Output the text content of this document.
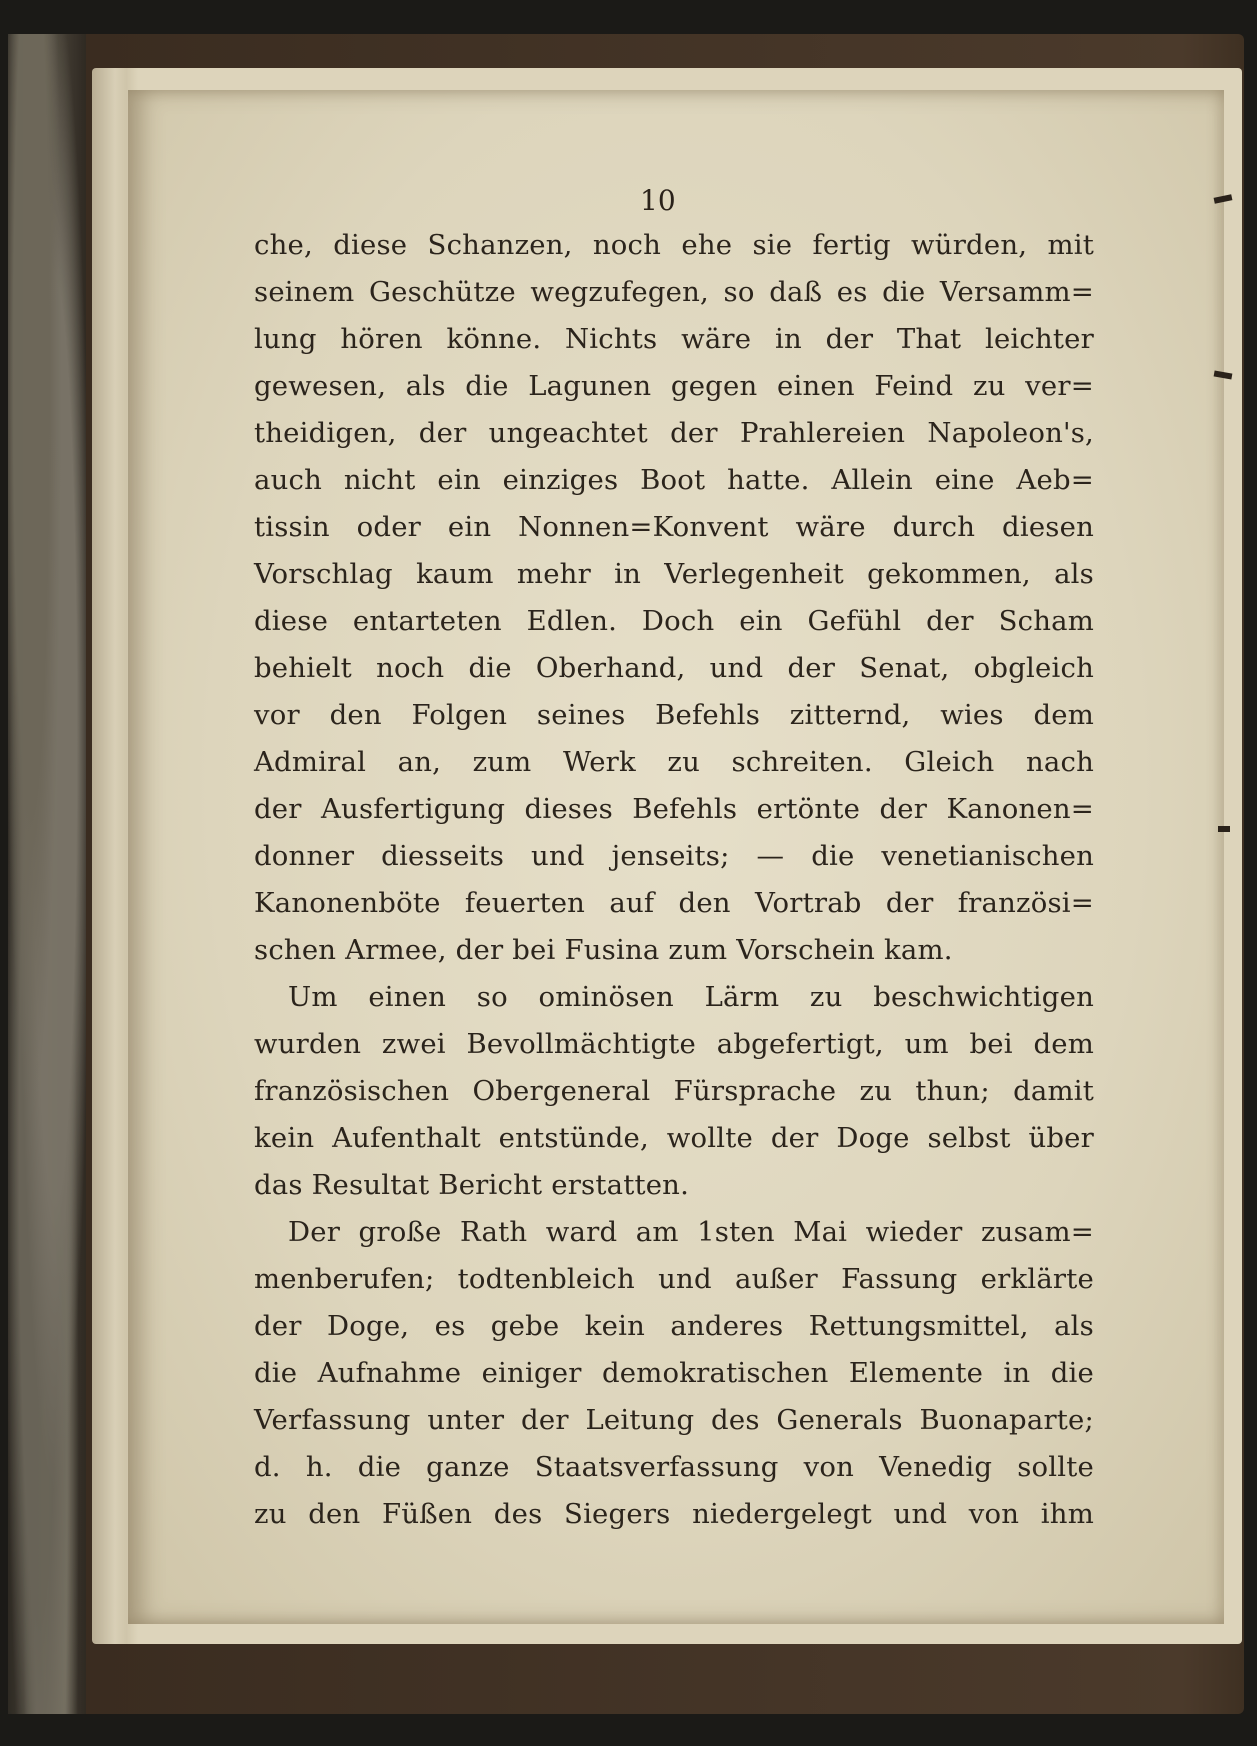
10
che, diese Schanzen, noch ehe sie fertig würden, mit
seinem Geschütze wegzufegen, so daß es die Versamm=
lung hören könne. Nichts wäre in der That leichter
gewesen, als die Lagunen gegen einen Feind zu ver=
theidigen, der ungeachtet der Prahlereien Napoleon's,
auch nicht ein einziges Boot hatte. Allein eine Aeb=
tissin oder ein Nonnen=Konvent wäre durch diesen
Vorschlag kaum mehr in Verlegenheit gekommen, als
diese entarteten Edlen. Doch ein Gefühl der Scham
behielt noch die Oberhand, und der Senat, obgleich
vor den Folgen seines Befehls zitternd, wies dem
Admiral an, zum Werk zu schreiten. Gleich nach
der Ausfertigung dieses Befehls ertönte der Kanonen=
donner diesseits und jenseits; — die venetianischen
Kanonenböte feuerten auf den Vortrab der französi=
schen Armee, der bei Fusina zum Vorschein kam.
Um einen so ominösen Lärm zu beschwichtigen
wurden zwei Bevollmächtigte abgefertigt, um bei dem
französischen Obergeneral Fürsprache zu thun; damit
kein Aufenthalt entstünde, wollte der Doge selbst über
das Resultat Bericht erstatten.
Der große Rath ward am 1sten Mai wieder zusam=
menberufen; todtenbleich und außer Fassung erklärte
der Doge, es gebe kein anderes Rettungsmittel, als
die Aufnahme einiger demokratischen Elemente in die
Verfassung unter der Leitung des Generals Buonaparte;
d. h. die ganze Staatsverfassung von Venedig sollte
zu den Füßen des Siegers niedergelegt und von ihm
